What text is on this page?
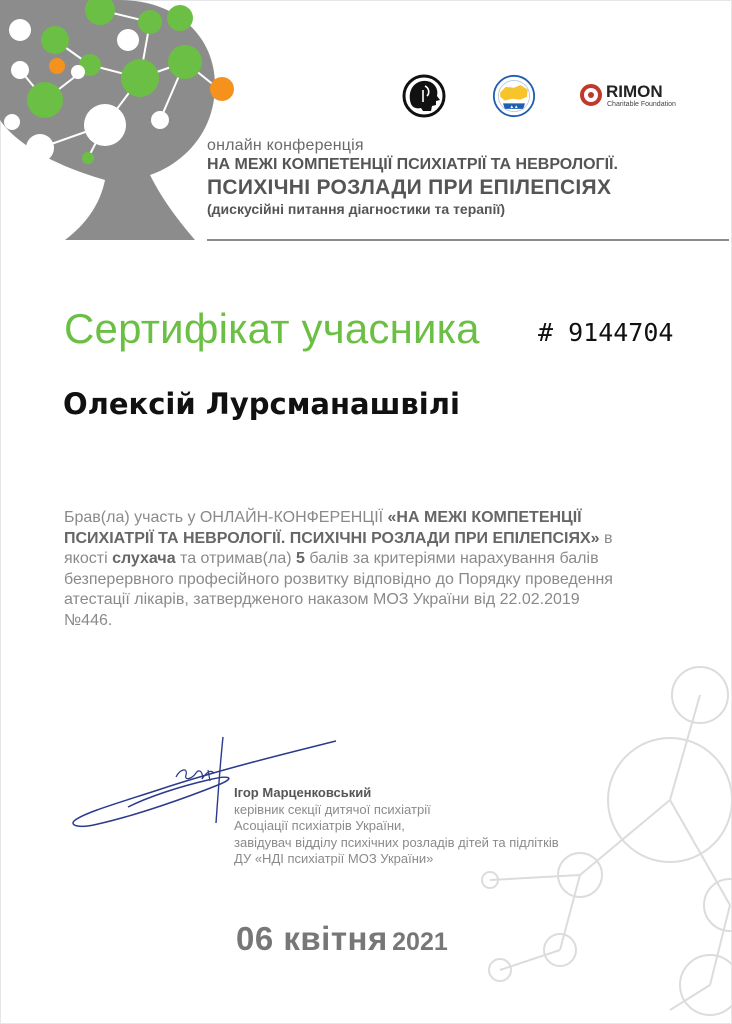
▲▲
RIMON
Charitable Foundation
онлайн конференція
НА МЕЖІ КОМПЕТЕНЦІЇ ПСИХІАТРІЇ ТА НЕВРОЛОГІЇ.
ПСИХІЧНІ РОЗЛАДИ ПРИ ЕПІЛЕПСІЯХ
(дискусійні питання діагностики та терапії)
Сертифікат учасника # 9144704
Олексій Лурсманашвілі
Брав(ла) участь у ОНЛАЙН-КОНФЕРЕНЦІЇ «НА МЕЖІ КОМПЕТЕНЦІЇ ПСИХІАТРІЇ ТА НЕВРОЛОГІЇ. ПСИХІЧНІ РОЗЛАДИ ПРИ ЕПІЛЕПСІЯХ» в якості слухача та отримав(ла) 5 балів за критеріями нарахування балів безперервного професійного розвитку відповідно до Порядку проведення атестації лікарів, затвердженого наказом МОЗ України від 22.02.2019 №446.
Ігор Марценковський
керівник секції дитячої психіатрії
Асоціації психіатрів України,
завідувач відділу психічних розладів дітей та підлітків
ДУ «НДІ психіатрії МОЗ України»
06 квітня 2021
